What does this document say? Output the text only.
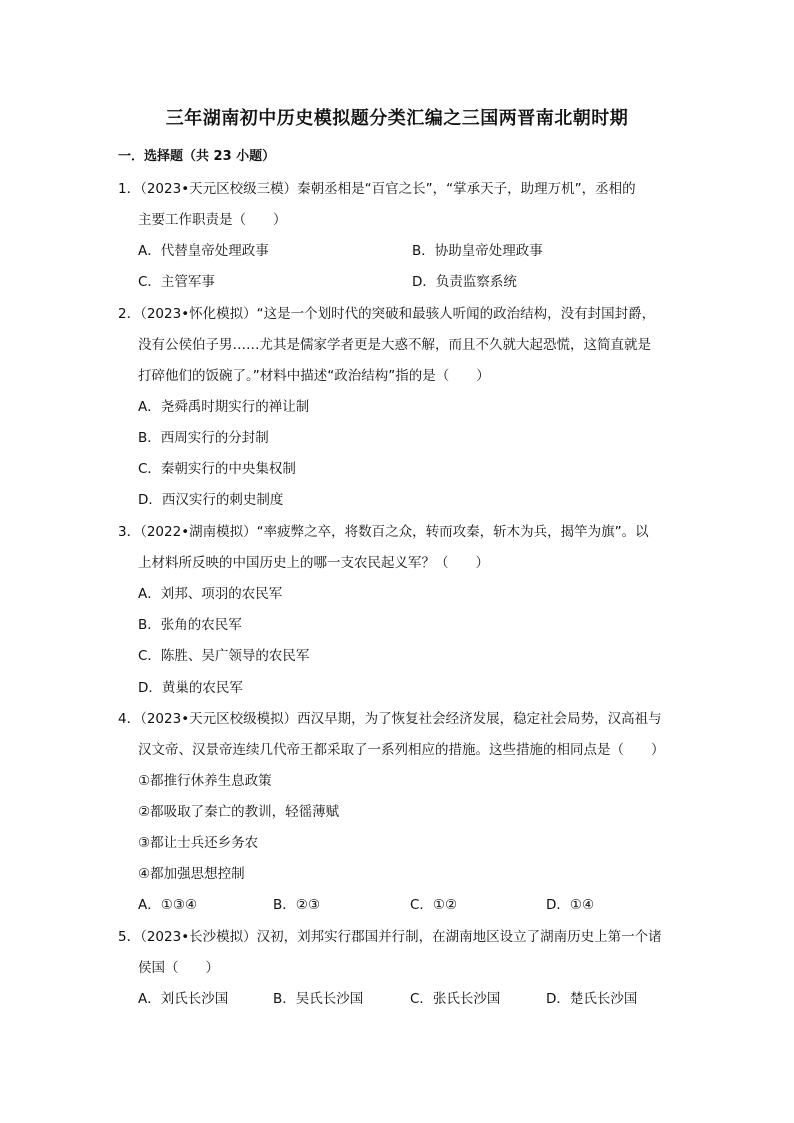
三年湖南初中历史模拟题分类汇编之三国两晋南北朝时期
一．选择题（共 23 小题）
1．（2023•天元区校级三模）秦朝丞相是“百官之长”，“掌承天子，助理万机”，丞相的
主要工作职责是（　　）
A．代替皇帝处理政事	B．协助皇帝处理政事
C．主管军事	D．负责监察系统
2．（2023•怀化模拟）“这是一个划时代的突破和最骇人听闻的政治结构，没有封国封爵，
没有公侯伯子男……尤其是儒家学者更是大惑不解，而且不久就大起恐慌，这简直就是
打碎他们的饭碗了。”材料中描述“政治结构”指的是（　　）
A．尧舜禹时期实行的禅让制
B．西周实行的分封制
C．秦朝实行的中央集权制
D．西汉实行的刺史制度
3．（2022•湖南模拟）“率疲弊之卒，将数百之众，转而攻秦，斩木为兵，揭竿为旗”。以
上材料所反映的中国历史上的哪一支农民起义军？（　　）
A．刘邦、项羽的农民军
B．张角的农民军
C．陈胜、吴广领导的农民军
D．黄巢的农民军
4．（2023•天元区校级模拟）西汉早期，为了恢复社会经济发展，稳定社会局势，汉高祖与
汉文帝、汉景帝连续几代帝王都采取了一系列相应的措施。这些措施的相同点是（　　）
①都推行休养生息政策
②都吸取了秦亡的教训，轻徭薄赋
③都让士兵还乡务农
④都加强思想控制
A．①③④	B．②③	C．①②	D．①④
5．（2023•长沙模拟）汉初，刘邦实行郡国并行制，在湖南地区设立了湖南历史上第一个诸
侯国（　　）
A．刘氏长沙国	B．吴氏长沙国	C．张氏长沙国	D．楚氏长沙国
